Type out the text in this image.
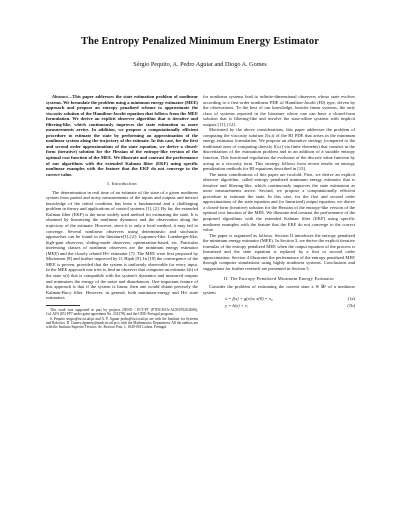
The Entropy Penalized Minimum Energy Estimator
Sérgio Pequito, A. Pedro Aguiar and Diogo A. Gomes

Abstract—This paper addresses the state estimation problem of nonlinear systems. We formulate the problem using a minimum energy estimator (MEE) approach and propose an entropy penalized scheme to approximate the viscosity solution of the Hamilton-Jacobi equation that follows from the MEE formulation. We derive an explicit observer algorithm that is iterative and filtering-like, which continuously improves the state estimation as more measurements arrive. In addition, we propose a computationally efficient procedure to estimate the state by performing an approximation of the nonlinear system along the trajectory of the estimate. In this case, for the first and second order approximations of the state equation, we derive a closed-form (iterative) solution for the Hessian of the entropy-like version of the optimal cost function of the MEE. We illustrate and contrast the performance of our algorithms with the extended Kalman filter (EKF) using specific nonlinear examples with the feature that the EKF do not converge to the correct value.

I. Introduction

The determination in real time of an estimate of the state of a given nonlinear system from partial and noisy measurements of the inputs and outputs and inexact knowledge of the initial condition has been a fundamental and a challenging problem in theory and applications of control systems [1], [2]. By far, the extended Kalman filter (EKF) is the most widely used method for estimating the state. It is obtained by linearizing the nonlinear dynamics and the observation along the trajectory of the estimate. However, since it is only a local method, it may fail to converge. Several nonlinear observers using deterministic and stochastic approaches can be found in the literature[1]–[2]: Lyapunov-like, Luenberger-like, high-gain observers, sliding-mode observers, optimization-based, etc. Particular interesting classes of nonlinear observers are the minimum energy estimator (MEE) and the closely related H∞ estimator [7]. The MEE were first proposed by Mortensen [8] and further improved by O. Hijab [9]. In [10] the convergence of the MEE is proven, provided that the system is uniformly observable for every input. In the MEE approach one tries to find an observer that computes an estimate x̂(t) of the state x(t) that is compatible with the system's dynamics and measured outputs and minimizes the energy of the noise and disturbances. One important feature of this approach is that if the system is linear, then one would obtain precisely the Kalman-Bucy filter. However, in general, both minimum-energy and H∞ state estimators

This work was supported in part by projects DENO / FCT-PT (PTDC/EEA-ACR/67020/2006), CoLAVS (EU FP7 under grant agreement No. 231378), and the CMU-Portugal program.

S. Pequito sergio@isr.ist.utl.pt and A. P. Aguiar pedro@isr.ist.utl.pt are with the Institute for Systems and Robotics. D. Gomes dgomes@math.ist.utl.pt is with the Mathematics Department. All the authors are with the Instituto Superior Técnico, Av. Rovisco Pais, 1, 1049-001 Lisboa, Portugal.

for nonlinear systems lead to infinite-dimensional observers whose state evolves according to a first-order nonlinear PDE of Hamilton-Jacobi (HJ) type, driven by the observations. To the best of our knowledge, besides linear systems, the only class of systems reported in the literature where one can have a closed-form solution that is filtering-like and involve the state-affine systems with implicit outputs [11], [12].

Motivated by the above considerations, this paper addresses the problem of computing the viscosity solution J(x,t) of the HJ PDE that arises in the minimum energy estimator formulation. We propose an alternative strategy (compared to the traditional ones of computing directly J(x,t) via finite elements) that consists in the discretization of the estimation problem and in an addition of a suitable entropy function. This functional regularizes the evolution of the discrete value function by acting as a viscosity term. This strategy follows from recent results on entropy penalization methods for HJ equations described in [13].

The main contributions of this paper are twofold. First, we derive an explicit observer algorithm, called entropy penalized minimum energy estimator that is iterative and filtering-like, which continuously improves the state estimation as more measurements arrive. Second, we propose a computationally efficient procedure to estimate the state. In this case, for the first and second order approximations of the state equation and (or linearized) output equation, we derive a closed-form (iterative) solution for the Hessian of the entropy-like version of the optimal cost function of the MEE. We illustrate and contrast the performance of the proposed algorithms with the extended Kalman filter (EKF) using specific nonlinear examples with the feature that the EKF do not converge to the correct value.

The paper is organized as follows. Section II introduces the entropy penalized the minimum energy estimator (MEE). In Section 3, we derive the explicit iterative formulas of the entropy penalized MEE when the output equation of the process is linearized and the state equation is replaced by a first or second order approximation. Section 4 illustrates the performance of the entropy penalized MEE through computer simulations using highly nonlinear systems. Conclusions and suggestions for further research are presented in Section 5.

II. The Entropy Penalized Minimum Energy Estimator

Consider the problem of estimating the current state x ∈ ℝⁿ of a nonlinear system

ẋ = f(x) + g(x)w, x(0) = x₀	(1a)
y = h(x) + v,	(1b)
